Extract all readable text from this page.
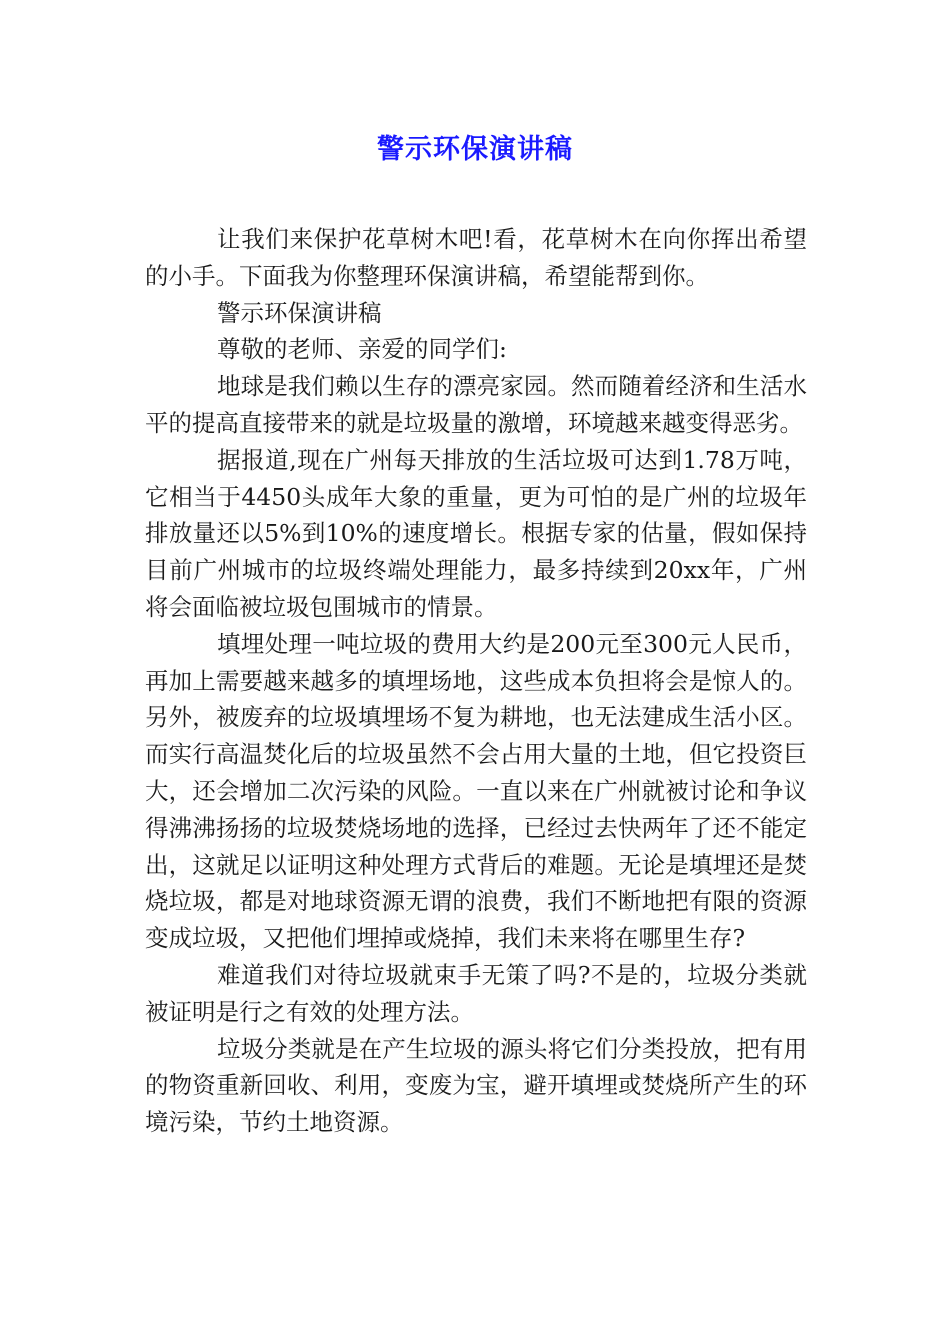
警示环保演讲稿

让我们来保护花草树木吧!看，花草树木在向你挥出希望的小手。下面我为你整理环保演讲稿，希望能帮到你。

警示环保演讲稿

尊敬的老师、亲爱的同学们:

地球是我们赖以生存的漂亮家园。然而随着经济和生活水平的提高直接带来的就是垃圾量的激增，环境越来越变得恶劣。

据报道,现在广州每天排放的生活垃圾可达到1.78万吨，它相当于4450头成年大象的重量，更为可怕的是广州的垃圾年排放量还以5%到10%的速度增长。根据专家的估量，假如保持目前广州城市的垃圾终端处理能力，最多持续到20xx年，广州将会面临被垃圾包围城市的情景。

填埋处理一吨垃圾的费用大约是200元至300元人民币，再加上需要越来越多的填埋场地，这些成本负担将会是惊人的。另外，被废弃的垃圾填埋场不复为耕地，也无法建成生活小区。而实行高温焚化后的垃圾虽然不会占用大量的土地，但它投资巨大，还会增加二次污染的风险。一直以来在广州就被讨论和争议得沸沸扬扬的垃圾焚烧场地的选择，已经过去快两年了还不能定出，这就足以证明这种处理方式背后的难题。无论是填埋还是焚烧垃圾，都是对地球资源无谓的浪费，我们不断地把有限的资源变成垃圾，又把他们埋掉或烧掉，我们未来将在哪里生存?

难道我们对待垃圾就束手无策了吗?不是的，垃圾分类就被证明是行之有效的处理方法。

垃圾分类就是在产生垃圾的源头将它们分类投放，把有用的物资重新回收、利用，变废为宝，避开填埋或焚烧所产生的环境污染，节约土地资源。
